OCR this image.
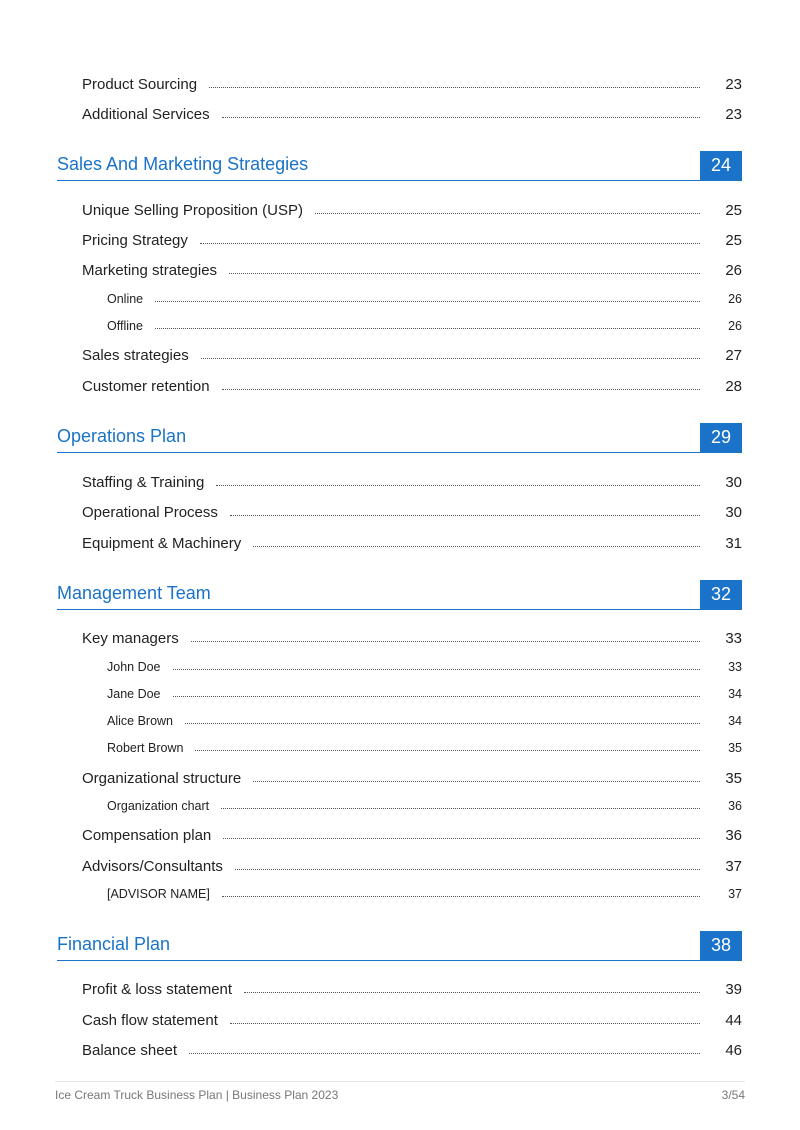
Product Sourcing	23
Additional Services	23
Sales And Marketing Strategies	24
Unique Selling Proposition (USP)	25
Pricing Strategy	25
Marketing strategies	26
Online	26
Offline	26
Sales strategies	27
Customer retention	28
Operations Plan	29
Staffing & Training	30
Operational Process	30
Equipment & Machinery	31
Management Team	32
Key managers	33
John Doe	33
Jane Doe	34
Alice Brown	34
Robert Brown	35
Organizational structure	35
Organization chart	36
Compensation plan	36
Advisors/Consultants	37
[ADVISOR NAME]	37
Financial Plan	38
Profit & loss statement	39
Cash flow statement	44
Balance sheet	46
Ice Cream Truck Business Plan | Business Plan 2023	3/54
